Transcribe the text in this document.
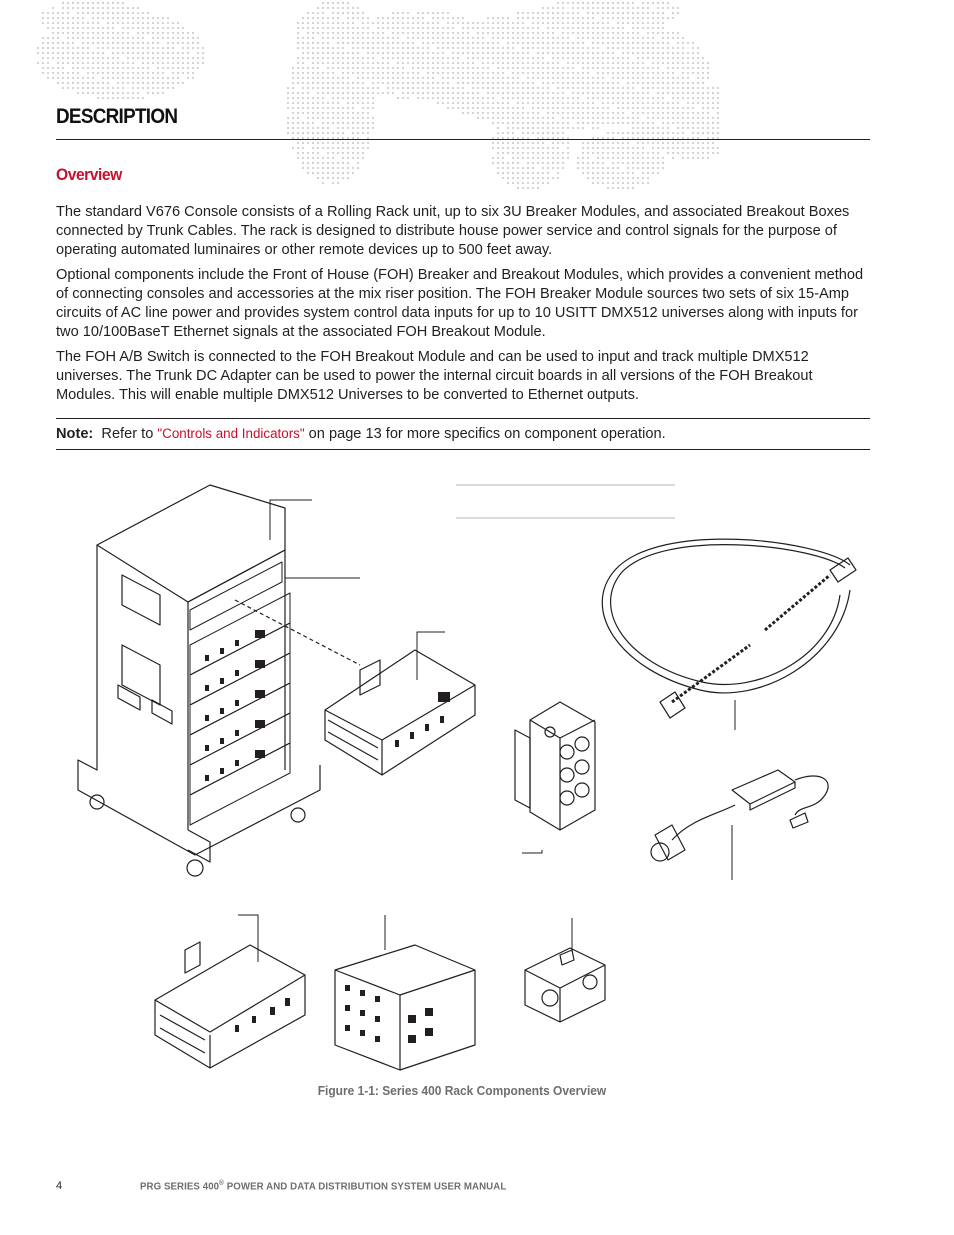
DESCRIPTION
Overview

The standard V676 Console consists of a Rolling Rack unit, up to six 3U Breaker Modules, and associated Breakout Boxes connected by Trunk Cables. The rack is designed to distribute house power service and control signals for the purpose of operating automated luminaires or other remote devices up to 500 feet away.

Optional components include the Front of House (FOH) Breaker and Breakout Modules, which provides a convenient method of connecting consoles and accessories at the mix riser position. The FOH Breaker Module sources two sets of six 15-Amp circuits of AC line power and provides system control data inputs for up to 10 USITT DMX512 universes along with inputs for two 10/100BaseT Ethernet signals at the associated FOH Breakout Module.

The FOH A/B Switch is connected to the FOH Breakout Module and can be used to input and track multiple DMX512 universes. The Trunk DC Adapter can be used to power the internal circuit boards in all versions of the FOH Breakout Modules. This will enable multiple DMX512 Universes to be converted to Ethernet outputs.

Note: Refer to "Controls and Indicators" on page 13 for more specifics on component operation.
Figure 1-1: Series 400 Rack Components Overview
4	PRG SERIES 400® POWER AND DATA DISTRIBUTION SYSTEM USER MANUAL
